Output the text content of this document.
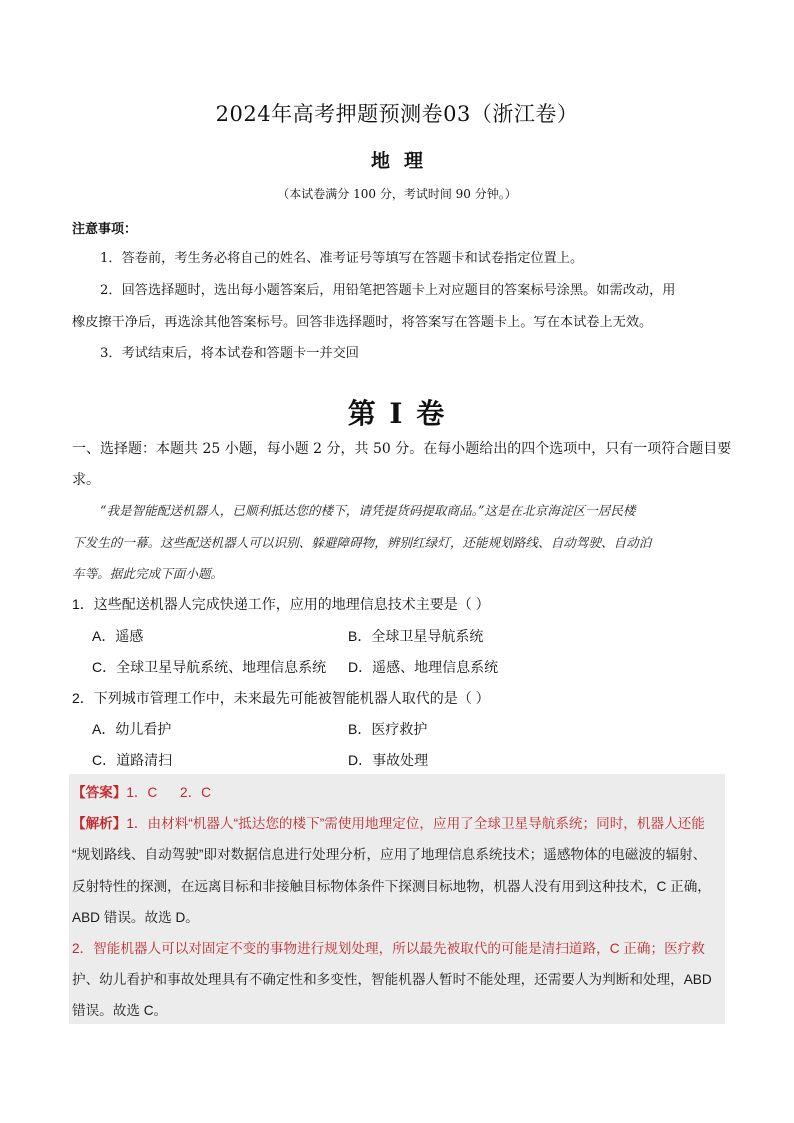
2024年高考押题预测卷03（浙江卷）
地理
（本试卷满分 100 分，考试时间 90 分钟。）
注意事项：
1．答卷前，考生务必将自己的姓名、准考证号等填写在答题卡和试卷指定位置上。
2．回答选择题时，选出每小题答案后，用铅笔把答题卡上对应题目的答案标号涂黑。如需改动，用
橡皮擦干净后，再选涂其他答案标号。回答非选择题时，将答案写在答题卡上。写在本试卷上无效。
3．考试结束后，将本试卷和答题卡一并交回
第 I 卷
一、选择题：本题共 25 小题，每小题 2 分，共 50 分。在每小题给出的四个选项中，只有一项符合题目要
求。
“我是智能配送机器人，已顺利抵达您的楼下，请凭提货码提取商品。”这是在北京海淀区一居民楼
下发生的一幕。这些配送机器人可以识别、躲避障碍物，辨别红绿灯，还能规划路线、自动驾驶、自动泊
车等。据此完成下面小题。
1．这些配送机器人完成快递工作，应用的地理信息技术主要是（ ）
A．遥感	B．全球卫星导航系统
C．全球卫星导航系统、地理信息系统 D．遥感、地理信息系统
2．下列城市管理工作中，未来最先可能被智能机器人取代的是（ ）
A．幼儿看护	B．医疗救护
C．道路清扫	D．事故处理
【答案】1．C      2．C
【解析】1．由材料“机器人“抵达您的楼下”需使用地理定位，应用了全球卫星导航系统；同时，机器人还能
“规划路线、自动驾驶”即对数据信息进行处理分析，应用了地理信息系统技术；遥感物体的电磁波的辐射、
反射特性的探测，在远离目标和非接触目标物体条件下探测目标地物，机器人没有用到这种技术，C 正确，
ABD 错误。故选 D。
2．智能机器人可以对固定不变的事物进行规划处理，所以最先被取代的可能是清扫道路，C 正确；医疗救
护、幼儿看护和事故处理具有不确定性和多变性，智能机器人暂时不能处理，还需要人为判断和处理，ABD
错误。故选 C。
